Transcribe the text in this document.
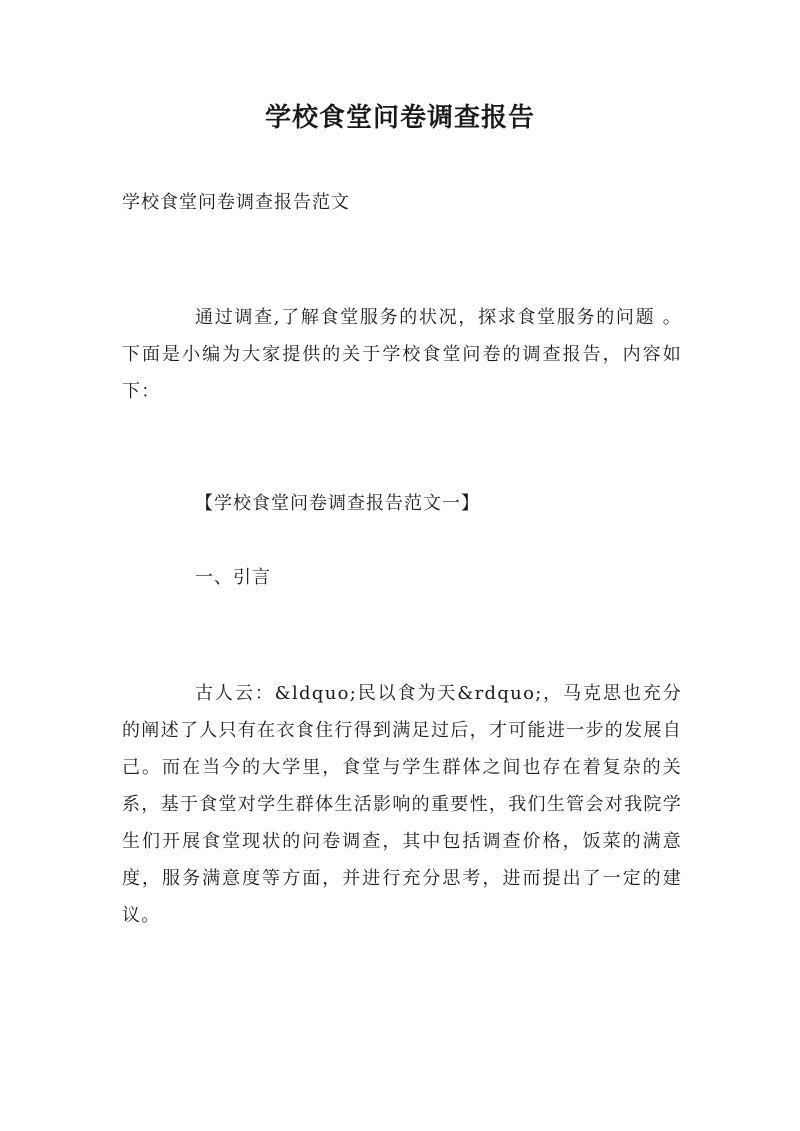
学校食堂问卷调查报告
学校食堂问卷调查报告范文
通过调查,了解食堂服务的状况，探求食堂服务的问题 。下面是小编为大家提供的关于学校食堂问卷的调查报告，内容如下：
【学校食堂问卷调查报告范文一】
一、引言
古人云：&ldquo;民以食为天&rdquo;，马克思也充分的阐述了人只有在衣食住行得到满足过后，才可能进一步的发展自己。而在当今的大学里，食堂与学生群体之间也存在着复杂的关系，基于食堂对学生群体生活影响的重要性，我们生管会对我院学生们开展食堂现状的问卷调查，其中包括调查价格，饭菜的满意度，服务满意度等方面，并进行充分思考，进而提出了一定的建议。
